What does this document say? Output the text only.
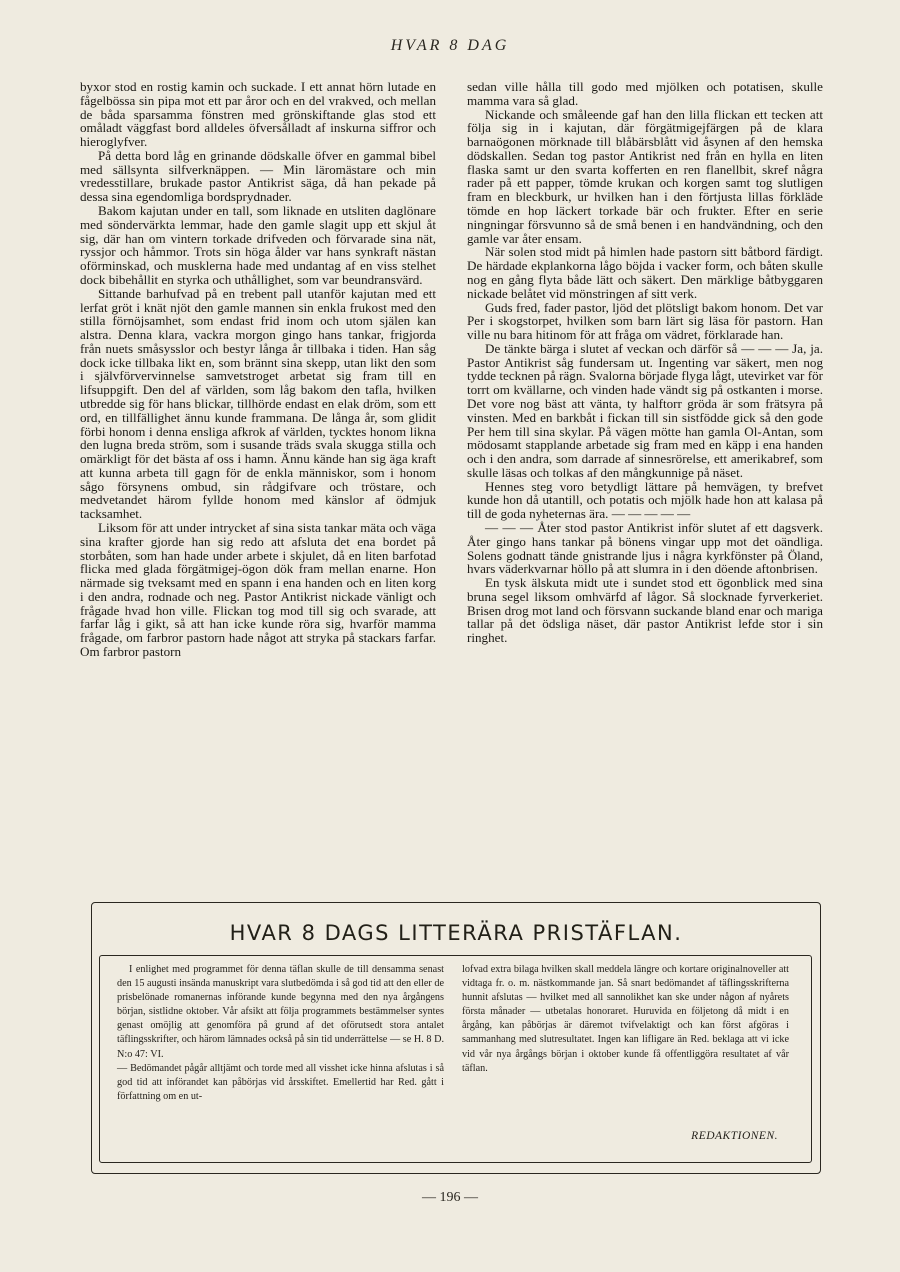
HVAR 8 DAG

byxor stod en rostig kamin och suckade. I ett annat hörn lutade en fågelbössa sin pipa mot ett par åror och en del vrakved, och mellan de båda sparsamma fönstren med grönskiftande glas stod ett omåladt väggfast bord alldeles öfversålladt af inskurna siffror och hieroglyfver.

På detta bord låg en grinande dödskalle öfver en gammal bibel med sällsynta silfverknäppen. — Min läromästare och min vredesstillare, brukade pastor Antikrist säga, då han pekade på dessa sina egendomliga bordsprydnader.

Bakom kajutan under en tall, som liknade en utsliten daglönare med söndervärkta lemmar, hade den gamle slagit upp ett skjul åt sig, där han om vintern torkade drifveden och förvarade sina nät, ryssjor och håmmor. Trots sin höga ålder var hans synkraft nästan oförminskad, och musklerna hade med undantag af en viss stelhet dock bibehållit en styrka och uthållighet, som var beundransvärd.

Sittande barhufvad på en trebent pall utanför kajutan med ett lerfat gröt i knät njöt den gamle mannen sin enkla frukost med den stilla förnöjsamhet, som endast frid inom och utom själen kan alstra. Denna klara, vackra morgon gingo hans tankar, frigjorda från nuets småsysslor och bestyr långa år tillbaka i tiden. Han såg dock icke tillbaka likt en, som brännt sina skepp, utan likt den som i självförvervinnelse samvetstroget arbetat sig fram till en lifsuppgift. Den del af världen, som låg bakom den tafla, hvilken utbredde sig för hans blickar, tillhörde endast en elak dröm, som ett ord, en tillfällighet ännu kunde frammana. De långa år, som glidit förbi honom i denna ensliga afkrok af världen, tycktes honom likna den lugna breda ström, som i susande träds svala skugga stilla och omärkligt för det bästa af oss i hamn. Ännu kände han sig äga kraft att kunna arbeta till gagn för de enkla människor, som i honom sågo försynens ombud, sin rådgifvare och tröstare, och medvetandet härom fyllde honom med känslor af ödmjuk tacksamhet.

Liksom för att under intrycket af sina sista tankar mäta och väga sina krafter gjorde han sig redo att afsluta det ena bordet på storbåten, som han hade under arbete i skjulet, då en liten barfotad flicka med glada förgätmigej-ögon dök fram mellan enarne. Hon närmade sig tveksamt med en spann i ena handen och en liten korg i den andra, rodnade och neg. Pastor Antikrist nickade vänligt och frågade hvad hon ville. Flickan tog mod till sig och svarade, att farfar låg i gikt, så att han icke kunde röra sig, hvarför mamma frågade, om farbror pastorn hade något att stryka på stackars farfar. Om farbror pastorn

sedan ville hålla till godo med mjölken och potatisen, skulle mamma vara så glad.

Nickande och småleende gaf han den lilla flickan ett tecken att följa sig in i kajutan, där förgätmigejfärgen på de klara barnaögonen mörknade till blåbärsblått vid åsynen af den hemska dödskallen. Sedan tog pastor Antikrist ned från en hylla en liten flaska samt ur den svarta kofferten en ren flanellbit, skref några rader på ett papper, tömde krukan och korgen samt tog slutligen fram en bleckburk, ur hvilken han i den förtjusta lillas förkläde tömde en hop läckert torkade bär och frukter. Efter en serie ningningar försvunno så de små benen i en handvändning, och den gamle var åter ensam.

När solen stod midt på himlen hade pastorn sitt båtbord färdigt. De härdade ekplankorna lågo böjda i vacker form, och båten skulle nog en gång flyta både lätt och säkert. Den märklige båtbyggaren nickade belåtet vid mönstringen af sitt verk.

Guds fred, fader pastor, ljöd det plötsligt bakom honom. Det var Per i skogstorpet, hvilken som barn lärt sig läsa för pastorn. Han ville nu bara hitinom för att fråga om vädret, förklarade han.

De tänkte bärga i slutet af veckan och därför så — — — Ja, ja. Pastor Antikrist såg fundersam ut. Ingenting var säkert, men nog tydde tecknen på rägn. Svalorna började flyga lågt, utevirket var för torrt om kvällarne, och vinden hade vändt sig på ostkanten i morse. Det vore nog bäst att vänta, ty halftorr gröda är som frätsyra på vinsten. Med en barkbåt i fickan till sin sistfödde gick så den gode Per hem till sina skylar. På vägen mötte han gamla Ol-Antan, som mödosamt stapplande arbetade sig fram med en käpp i ena handen och i den andra, som darrade af sinnesrörelse, ett amerikabref, som skulle läsas och tolkas af den mångkunnige på näset.

Hennes steg voro betydligt lättare på hemvägen, ty brefvet kunde hon då utantill, och potatis och mjölk hade hon att kalasa på till de goda nyheternas ära. — — — — —

— — — Åter stod pastor Antikrist inför slutet af ett dagsverk. Åter gingo hans tankar på bönens vingar upp mot det oändliga. Solens godnatt tände gnistrande ljus i några kyrkfönster på Öland, hvars väderkvarnar höllo på att slumra in i den döende aftonbrisen.

En tysk älskuta midt ute i sundet stod ett ögonblick med sina bruna segel liksom omhvärfd af lågor. Så slocknade fyrverkeriet. Brisen drog mot land och försvann suckande bland enar och mariga tallar på det ödsliga näset, där pastor Antikrist lefde stor i sin ringhet.

HVAR 8 DAGS LITTERÄRA PRISTÄFLAN.

I enlighet med programmet för denna täflan skulle de till densamma senast den 15 augusti insända manuskript vara slutbedömda i så god tid att den eller de prisbelönade romanernas införande kunde begynna med den nya årgångens början, sistlidne oktober. Vår afsikt att följa programmets bestämmelser syntes genast omöjlig att genomföra på grund af det oförutsedt stora antalet täflingsskrifter, och härom lämnades också på sin tid underrättelse — se H. 8 D. N:o 47: VI.

— Bedömandet pågår alltjämt och torde med all visshet icke hinna afslutas i så god tid att införandet kan påbörjas vid årsskiftet. Emellertid har Red. gått i författning om en ut-

lofvad extra bilaga hvilken skall meddela längre och kortare originalnoveller att vidtaga fr. o. m. nästkommande jan. Så snart bedömandet af täflingsskrifterna hunnit afslutas — hvilket med all sannolikhet kan ske under någon af nyårets första månader — utbetalas honoraret. Huruvida en följetong då midt i en årgång, kan påbörjas är däremot tvifvelaktigt och kan först afgöras i sammanhang med slutresultatet. Ingen kan lifligare än Red. beklaga att vi icke vid vår nya årgångs början i oktober kunde få offentliggöra resultatet af vår täflan.

REDAKTIONEN.
— 196 —
